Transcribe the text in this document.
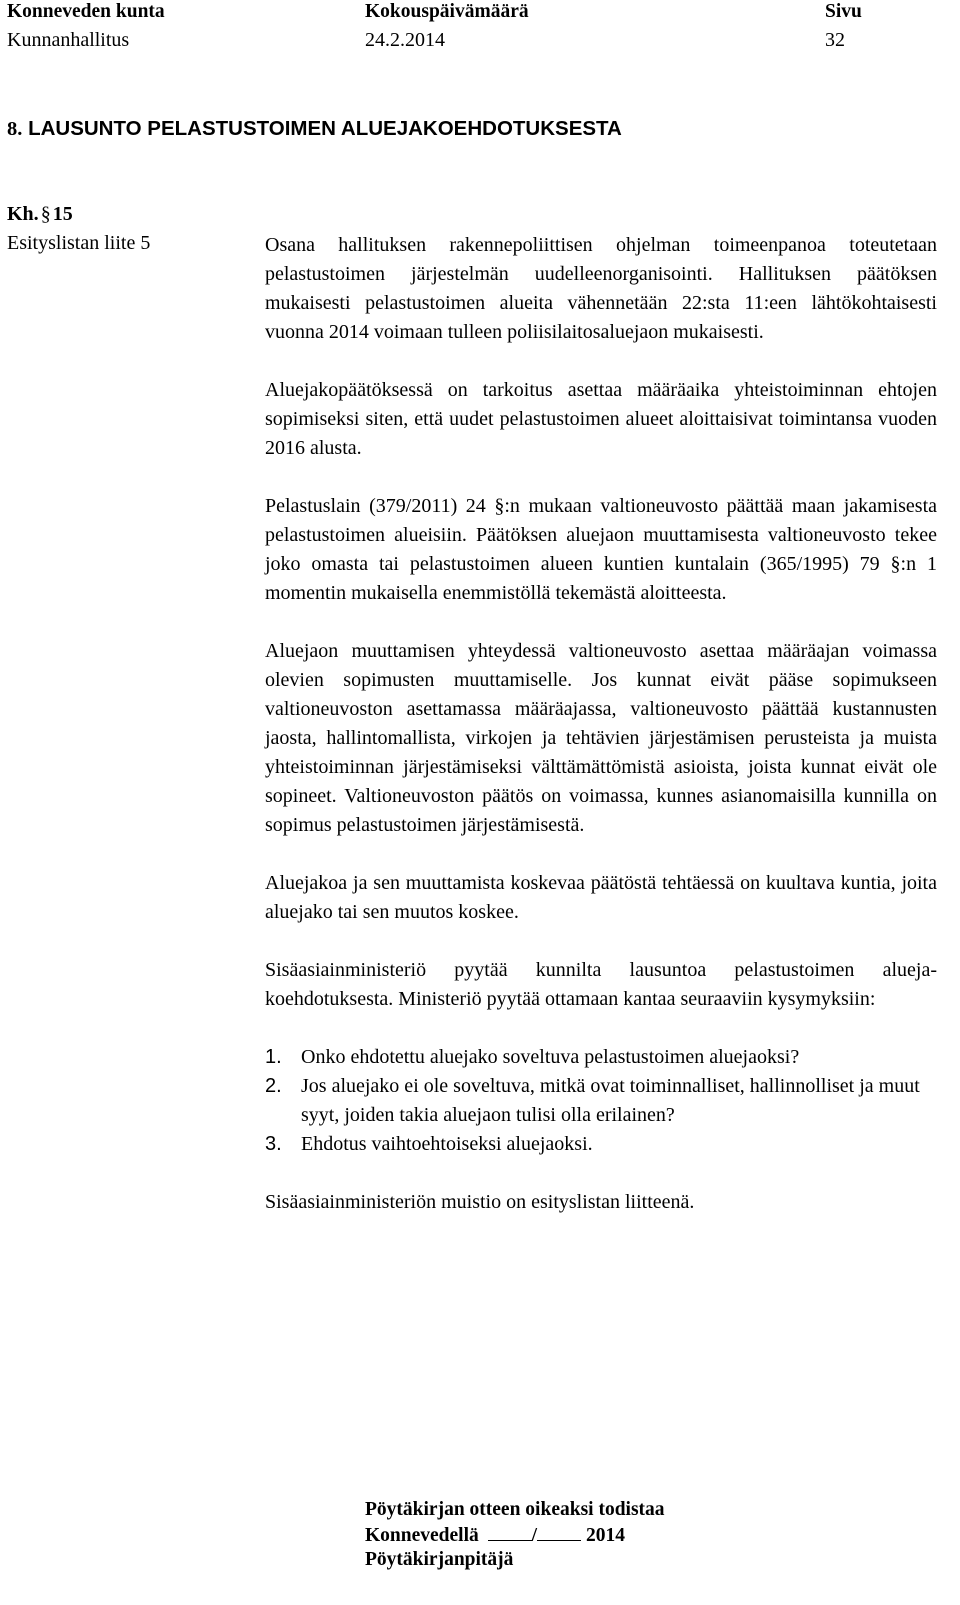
Konneveden kunta	Kokouspäivämäärä	Sivu
Kunnanhallitus	24.2.2014	32
8. LAUSUNTO PELASTUSTOIMEN ALUEJAKOEHDOTUKSESTA
Kh. § 15
Esityslistan liite 5	Osana hallituksen rakennepoliittisen ohjelman toimeenpanoa toteutetaan pelastustoimen järjestelmän uudelleenorganisointi. Hallituksen päätöksen mukaisesti pelastustoimen alueita vähennetään 22:sta 11:een lähtökohtaisesti vuonna 2014 voimaan tulleen poliisilaitosaluejaon mukaisesti.

Aluejakopäätöksessä on tarkoitus asettaa määräaika yhteistoiminnan ehtojen sopimiseksi siten, että uudet pelastustoimen alueet aloittaisivat toimintansa vuoden 2016 alusta.

Pelastuslain (379/2011) 24 §:n mukaan valtioneuvosto päättää maan jakamisesta pelastustoimen alueisiin. Päätöksen aluejaon muuttamisesta valtioneuvosto tekee joko omasta tai pelastustoimen alueen kuntien kuntalain (365/1995) 79 §:n 1 momentin mukaisella enemmistöllä tekemästä aloitteesta.

Aluejaon muuttamisen yhteydessä valtioneuvosto asettaa määräajan voimassa olevien sopimusten muuttamiselle. Jos kunnat eivät pääse sopimukseen valtioneuvoston asettamassa määräajassa, valtioneuvosto päättää kustannusten jaosta, hallintomallista, virkojen ja tehtävien järjestämisen perusteista ja muista yhteistoiminnan järjestämiseksi välttämättömistä asioista, joista kunnat eivät ole sopineet. Valtioneuvoston päätös on voimassa, kunnes asianomaisilla kunnilla on sopimus pelastustoimen järjestämisestä.

Aluejakoa ja sen muuttamista koskevaa päätöstä tehtäessä on kuultava kuntia, joita aluejako tai sen muutos koskee.

Sisäasiainministeriö pyytää kunnilta lausuntoa pelastustoimen aluejakoehdotuksesta. Ministeriö pyytää ottamaan kantaa seuraaviin kysymyksiin:

1. Onko ehdotettu aluejako soveltuva pelastustoimen aluejaoksi?
2. Jos aluejako ei ole soveltuva, mitkä ovat toiminnalliset, hallinnolliset ja muut syyt, joiden takia aluejaon tulisi olla erilainen?
3. Ehdotus vaihtoehtoiseksi aluejaoksi.

Sisäasiainministeriön muistio on esityslistan liitteenä.

Pöytäkirjan otteen oikeaksi todistaa
Konnevedellä	/	2014
Pöytäkirjanpitäjä
